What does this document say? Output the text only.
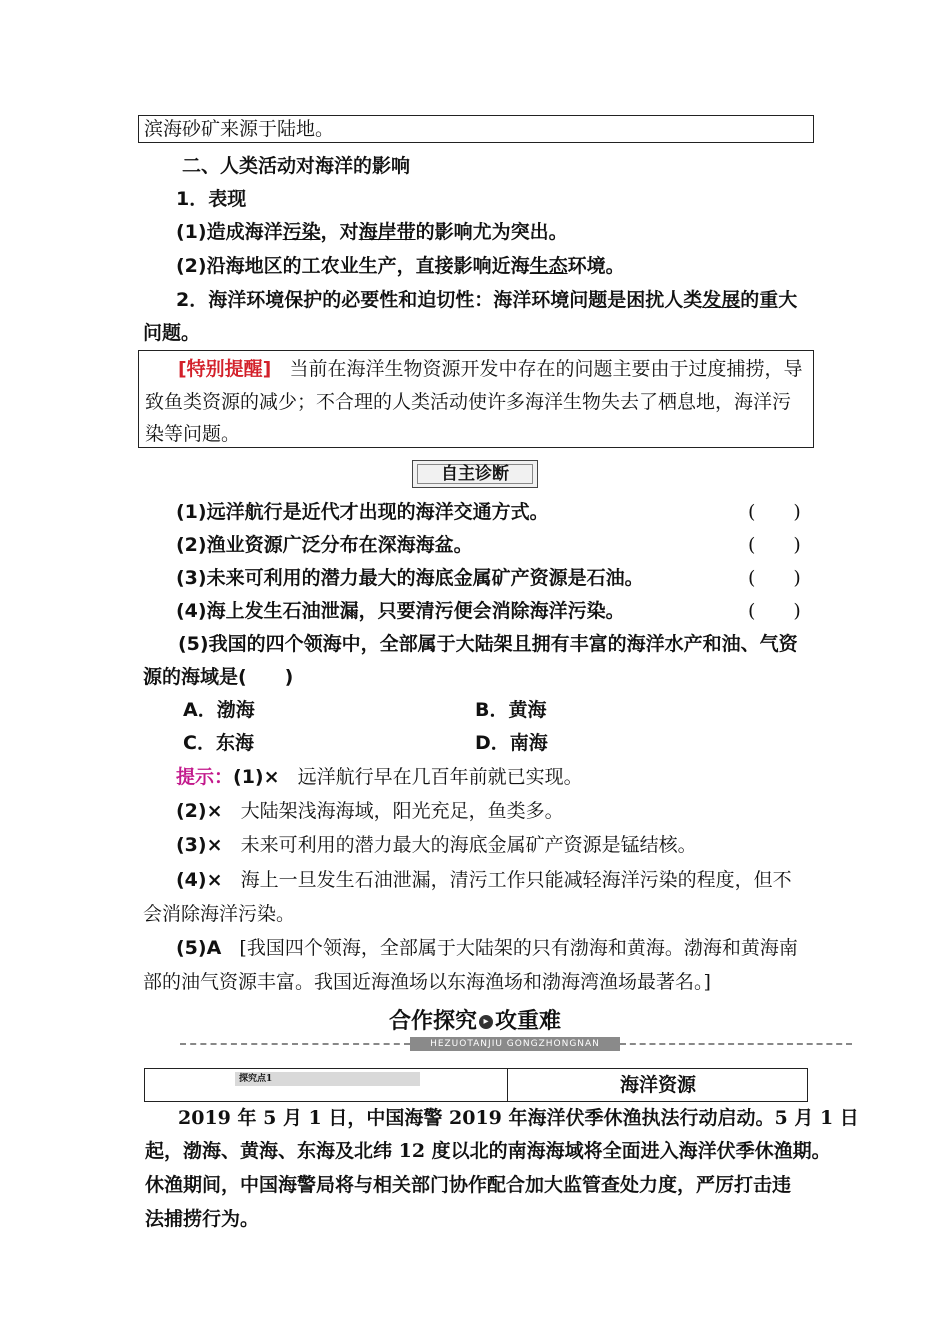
滨海砂矿来源于陆地。
二、人类活动对海洋的影响
1．表现
(1)造成海洋污染，对海岸带的影响尤为突出。
(2)沿海地区的工农业生产，直接影响近海生态环境。
2．海洋环境保护的必要性和迫切性：海洋环境问题是困扰人类发展的重大
问题。
[特别提醒] 当前在海洋生物资源开发中存在的问题主要由于过度捕捞，导
致鱼类资源的减少；不合理的人类活动使许多海洋生物失去了栖息地，海洋污
染等问题。
自主诊断
(1)远洋航行是近代才出现的海洋交通方式。	(　　)
(2)渔业资源广泛分布在深海海盆。	(　　)
(3)未来可利用的潜力最大的海底金属矿产资源是石油。	(　　)
(4)海上发生石油泄漏，只要清污便会消除海洋污染。	(　　)
(5)我国的四个领海中，全部属于大陆架且拥有丰富的海洋水产和油、气资
源的海域是(　　)
A．渤海	B．黄海
C．东海	D．南海
提示：(1)× 远洋航行早在几百年前就已实现。
(2)× 大陆架浅海海域，阳光充足，鱼类多。
(3)× 未来可利用的潜力最大的海底金属矿产资源是锰结核。
(4)× 海上一旦发生石油泄漏，清污工作只能减轻海洋污染的程度，但不
会消除海洋污染。
(5)A [我国四个领海，全部属于大陆架的只有渤海和黄海。渤海和黄海南
部的油气资源丰富。我国近海渔场以东海渔场和渤海湾渔场最著名。]
合作探究 ▸ 攻重难
HEZUOTANJIU GONGZHONGNAN
探究点1	海洋资源
2019 年 5 月 1 日，中国海警 2019 年海洋伏季休渔执法行动启动。5 月 1 日
起，渤海、黄海、东海及北纬 12 度以北的南海海域将全面进入海洋伏季休渔期。
休渔期间，中国海警局将与相关部门协作配合加大监管查处力度，严厉打击违
法捕捞行为。
